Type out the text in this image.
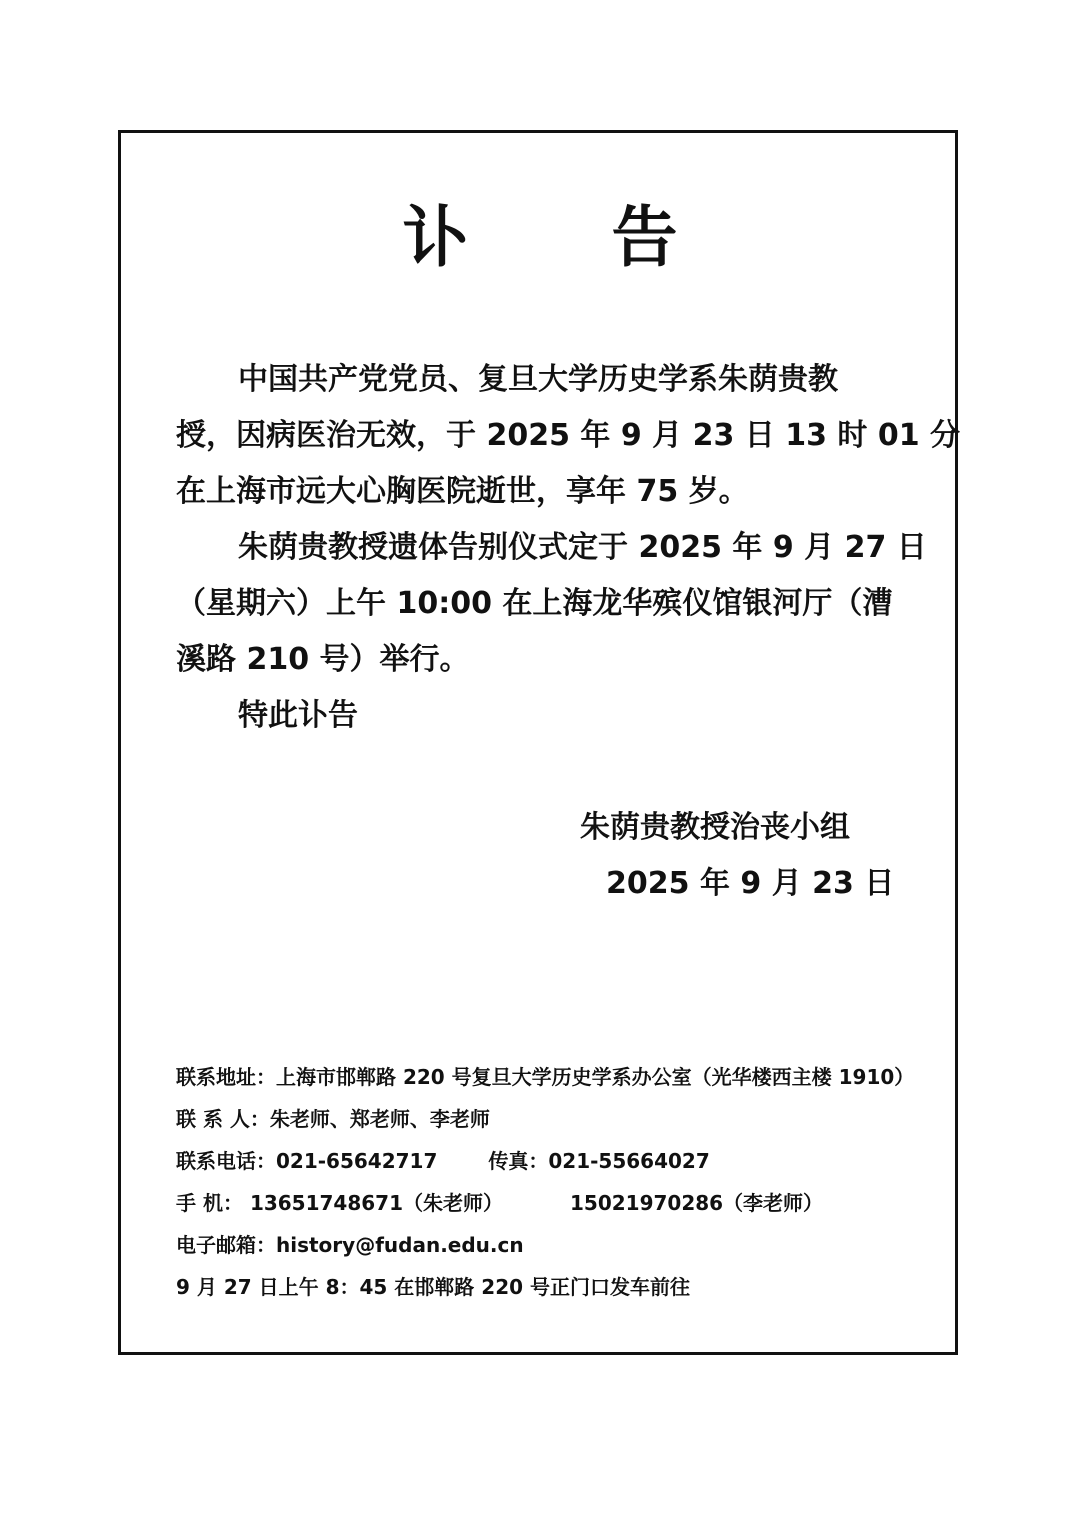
讣 告
中国共产党党员、复旦大学历史学系朱荫贵教
授，因病医治无效，于 2025 年 9 月 23 日 13 时 01 分
在上海市远大心胸医院逝世，享年 75 岁。
朱荫贵教授遗体告别仪式定于 2025 年 9 月 27 日
（星期六）上午 10:00 在上海龙华殡仪馆银河厅（漕
溪路 210 号）举行。
特此讣告
朱荫贵教授治丧小组
2025 年 9 月 23 日
联系地址：上海市邯郸路 220 号复旦大学历史学系办公室（光华楼西主楼 1910）
联 系 人：朱老师、郑老师、李老师
联系电话：021-65642717	传真：021-55664027
手 机： 13651748671（朱老师）	15021970286（李老师）
电子邮箱：history@fudan.edu.cn
9 月 27 日上午 8：45 在邯郸路 220 号正门口发车前往
